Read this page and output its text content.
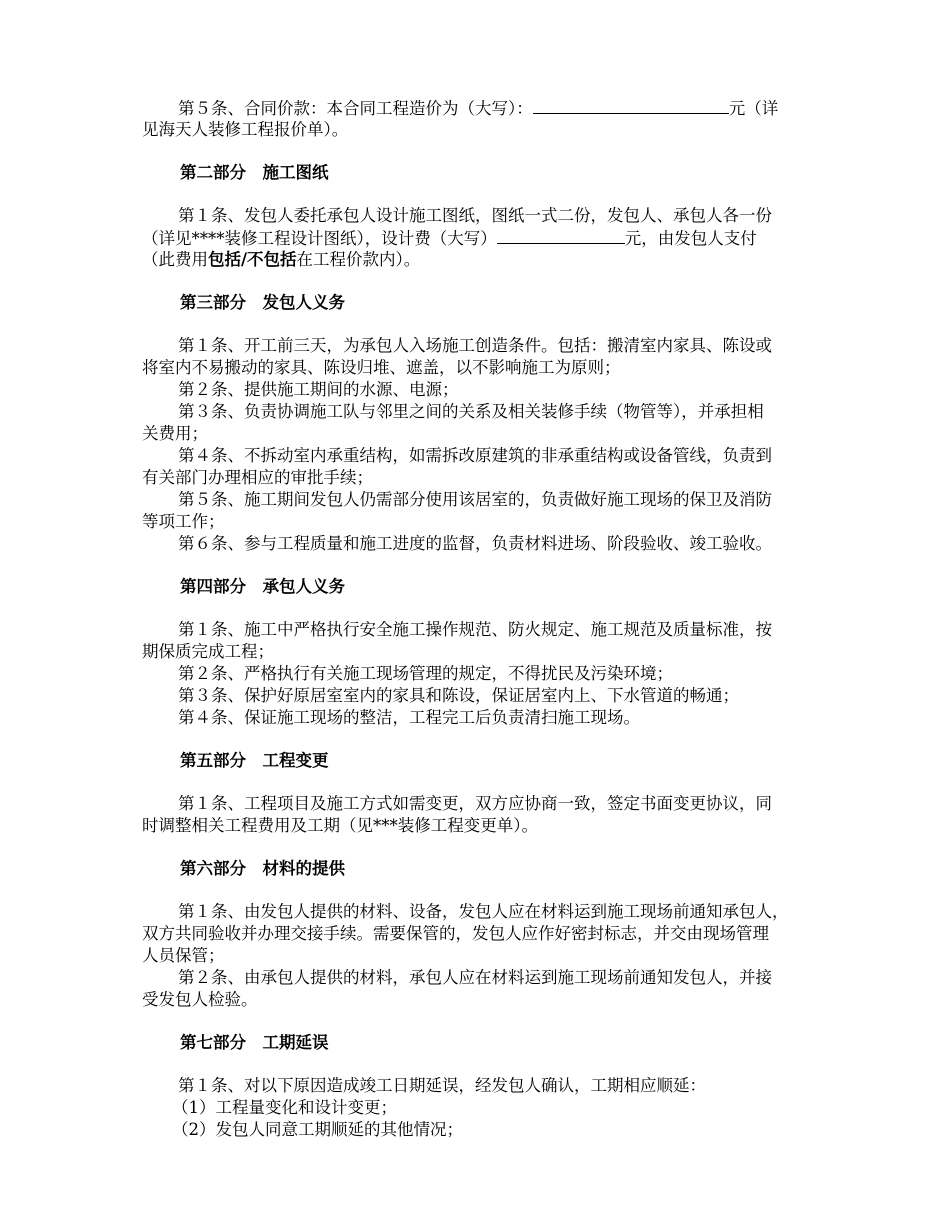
第５条、合同价款：本合同工程造价为（大写）：	元（详
见海天人装修工程报价单）。
第二部分　施工图纸
第１条、发包人委托承包人设计施工图纸，图纸一式二份，发包人、承包人各一份
（详见****装修工程设计图纸），设计费（大写）	元，由发包人支付
（此费用包括/不包括在工程价款内）。
第三部分　发包人义务
第１条、开工前三天，为承包人入场施工创造条件。包括：搬清室内家具、陈设或
将室内不易搬动的家具、陈设归堆、遮盖，以不影响施工为原则；
第２条、提供施工期间的水源、电源；
第３条、负责协调施工队与邻里之间的关系及相关装修手续（物管等），并承担相
关费用；
第４条、不拆动室内承重结构，如需拆改原建筑的非承重结构或设备管线，负责到
有关部门办理相应的审批手续；
第５条、施工期间发包人仍需部分使用该居室的，负责做好施工现场的保卫及消防
等项工作；
第６条、参与工程质量和施工进度的监督，负责材料进场、阶段验收、竣工验收。
第四部分　承包人义务
第１条、施工中严格执行安全施工操作规范、防火规定、施工规范及质量标准，按
期保质完成工程；
第２条、严格执行有关施工现场管理的规定，不得扰民及污染环境；
第３条、保护好原居室室内的家具和陈设，保证居室内上、下水管道的畅通；
第４条、保证施工现场的整洁，工程完工后负责清扫施工现场。
第五部分　工程变更
第１条、工程项目及施工方式如需变更，双方应协商一致，签定书面变更协议，同
时调整相关工程费用及工期（见***装修工程变更单）。
第六部分　材料的提供
第１条、由发包人提供的材料、设备，发包人应在材料运到施工现场前通知承包人，
双方共同验收并办理交接手续。需要保管的，发包人应作好密封标志，并交由现场管理
人员保管；
第２条、由承包人提供的材料，承包人应在材料运到施工现场前通知发包人，并接
受发包人检验。
第七部分　工期延误
第１条、对以下原因造成竣工日期延误，经发包人确认，工期相应顺延：
（1）工程量变化和设计变更；
（2）发包人同意工期顺延的其他情况；
